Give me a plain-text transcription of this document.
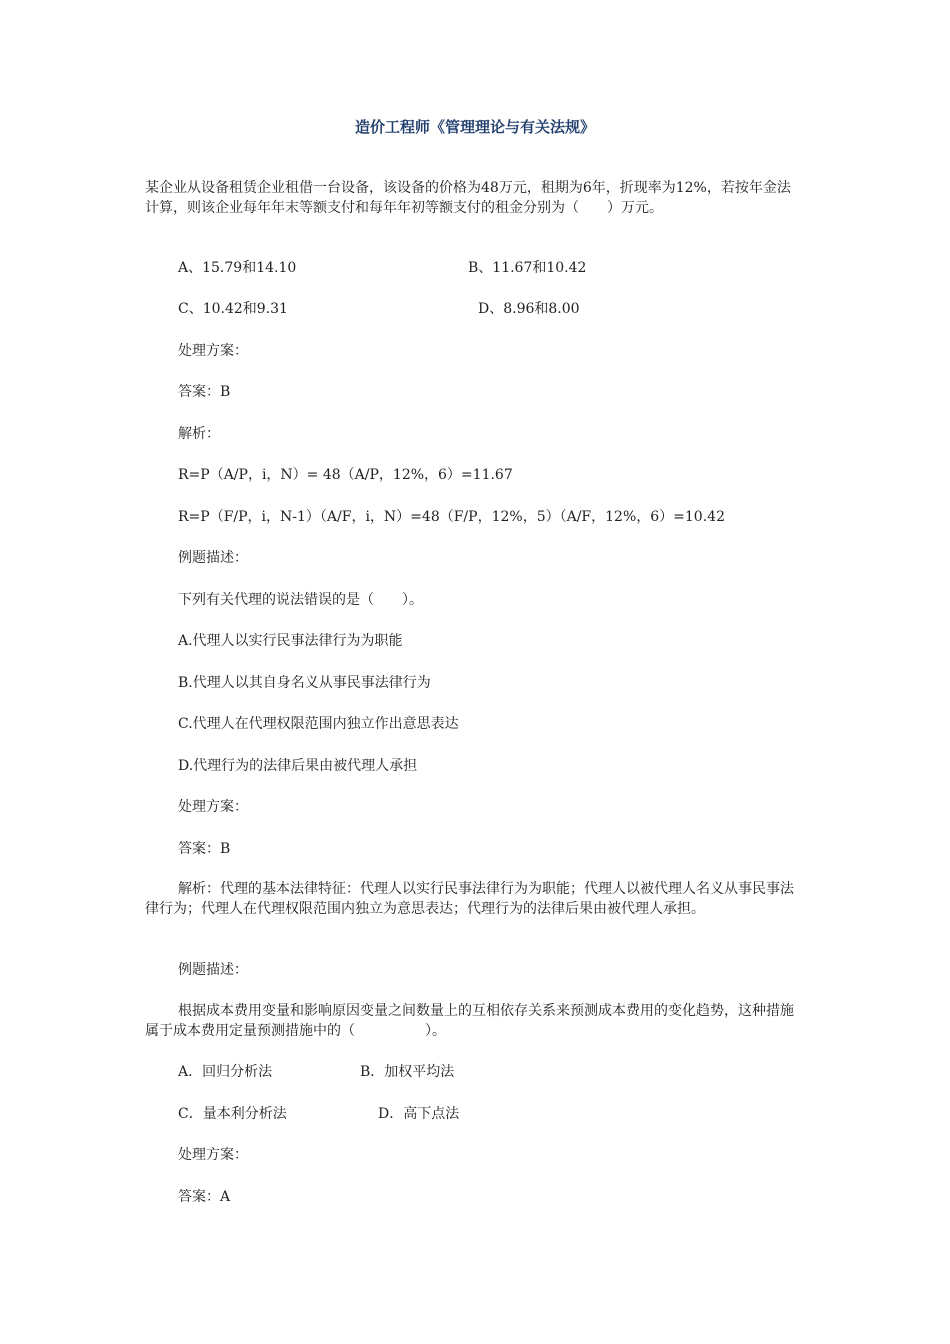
造价工程师《管理理论与有关法规》
某企业从设备租赁企业租借一台设备，该设备的价格为48万元，租期为6年，折现率为12%，若按年金法计算，则该企业每年年末等额支付和每年年初等额支付的租金分别为（　　）万元。
A、15.79和14.10	B、11.67和10.42
C、10.42和9.31	D、8.96和8.00
处理方案：
答案：B
解析：
R=P（A/P，i，N）= 48（A/P，12%，6）=11.67
R=P（F/P，i，N-1）（A/F，i，N）=48（F/P，12%，5）（A/F，12%，6）=10.42
例题描述：
下列有关代理的说法错误的是（　　）。
A.代理人以实行民事法律行为为职能
B.代理人以其自身名义从事民事法律行为
C.代理人在代理权限范围内独立作出意思表达
D.代理行为的法律后果由被代理人承担
处理方案：
答案：B
解析：代理的基本法律特征：代理人以实行民事法律行为为职能；代理人以被代理人名义从事民事法律行为；代理人在代理权限范围内独立为意思表达；代理行为的法律后果由被代理人承担。
例题描述：
根据成本费用变量和影响原因变量之间数量上的互相依存关系来预测成本费用的变化趋势，这种措施属于成本费用定量预测措施中的（　　　　　）。
A．回归分析法	B．加权平均法
C．量本利分析法	D．高下点法
处理方案：
答案：A
